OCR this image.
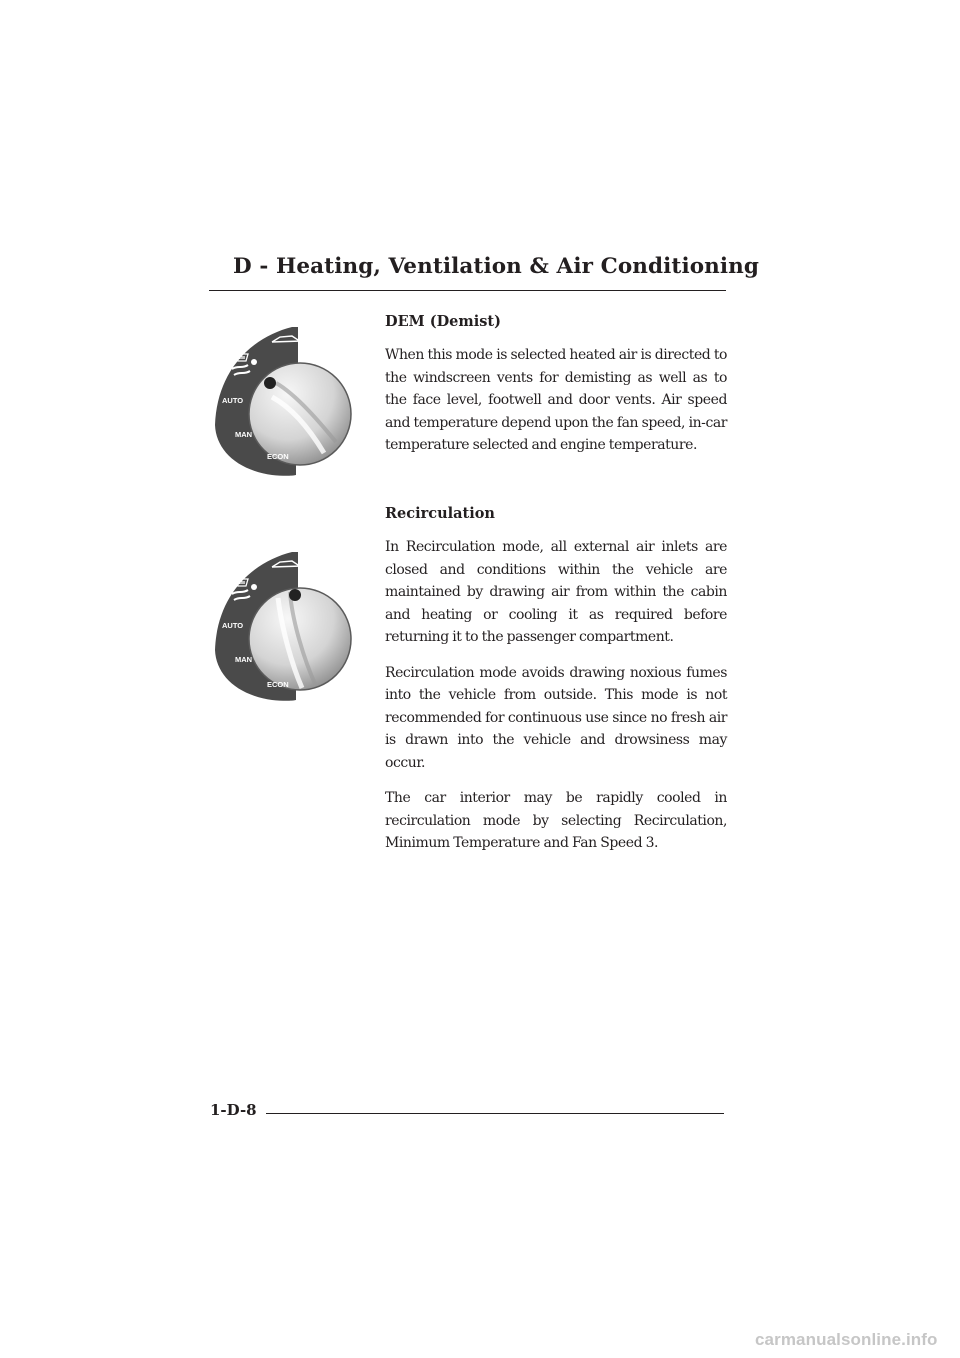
D - Heating, Ventilation & Air Conditioning
AUTO
MAN
ECON
AUTO
MAN
ECON

DEM (Demist)

When this mode is selected heated air is directed to the windscreen vents for demisting as well as to the face level, footwell and door vents. Air speed and temperature depend upon the fan speed, in-car temperature selected and engine temperature.

Recirculation

In Recirculation mode, all external air inlets are closed and conditions within the vehicle are maintained by drawing air from within the cabin and heating or cooling it as required before returning it to the passenger compartment.

Recirculation mode avoids drawing noxious fumes into the vehicle from outside. This mode is not recommended for continuous use since no fresh air is drawn into the vehicle and drowsiness may occur.

The car interior may be rapidly cooled in recirculation mode by selecting Recirculation, Minimum Temperature and Fan Speed 3.

1-D-8
carmanualsonline.info
